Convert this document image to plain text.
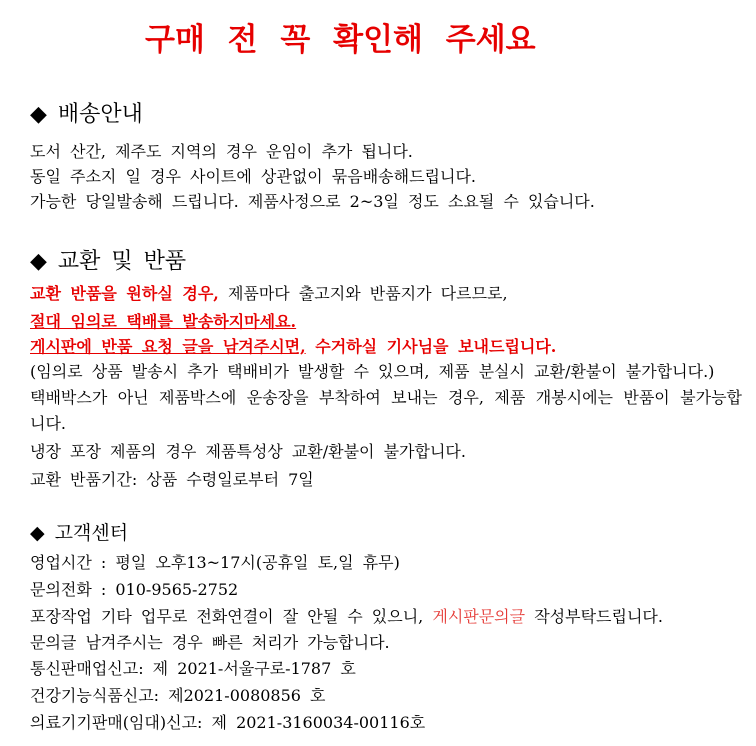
구매 전 꼭 확인해 주세요
◆ 배송안내
도서 산간, 제주도 지역의 경우 운임이 추가 됩니다.
동일 주소지 일 경우 사이트에 상관없이 묶음배송해드립니다.
가능한 당일발송해 드립니다. 제품사정으로 2~3일 정도 소요될 수 있습니다.
◆ 교환 및 반품
교환 반품을 원하실 경우, 제품마다 출고지와 반품지가 다르므로,
절대 임의로 택배를 발송하지마세요.
게시판에 반품 요청 글을 남겨주시면, 수거하실 기사님을 보내드립니다.
(임의로 상품 발송시 추가 택배비가 발생할 수 있으며, 제품 분실시 교환/환불이 불가합니다.)
택배박스가 아닌 제품박스에 운송장을 부착하여 보내는 경우, 제품 개봉시에는 반품이 불가능합니다.
냉장 포장 제품의 경우 제품특성상 교환/환불이 불가합니다.
교환 반품기간: 상품 수령일로부터 7일
◆ 고객센터
영업시간 : 평일 오후13~17시(공휴일 토,일 휴무)
문의전화 : 010-9565-2752
포장작업 기타 업무로 전화연결이 잘 안될 수 있으니, 게시판문의글 작성부탁드립니다.
문의글 남겨주시는 경우 빠른 처리가 가능합니다.
통신판매업신고: 제 2021-서울구로-1787 호
건강기능식품신고: 제2021-0080856 호
의료기기판매(임대)신고: 제 2021-3160034-00116호
